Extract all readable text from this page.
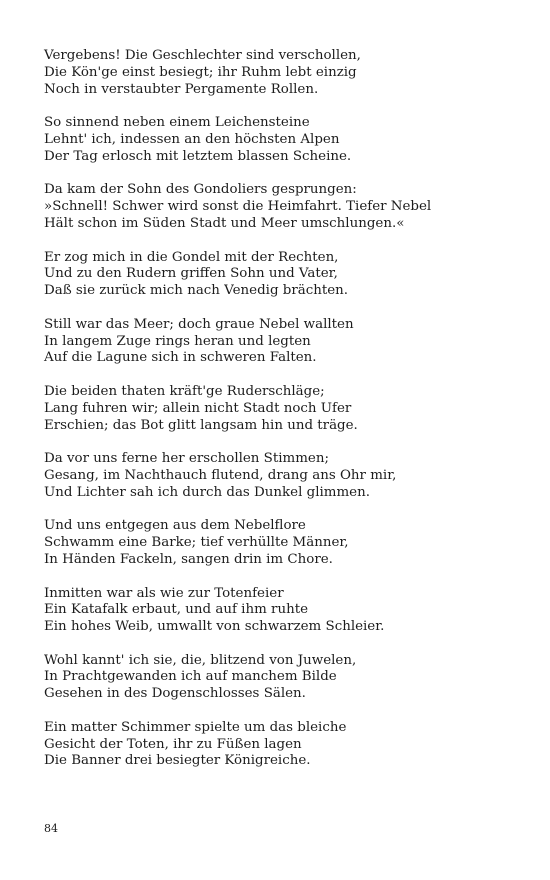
Vergebens! Die Geschlechter sind verschollen,
Die Kön'ge einst besiegt; ihr Ruhm lebt einzig
Noch in verstaubter Pergamente Rollen.
So sinnend neben einem Leichensteine
Lehnt' ich, indessen an den höchsten Alpen
Der Tag erlosch mit letztem blassen Scheine.
Da kam der Sohn des Gondoliers gesprungen:
»Schnell! Schwer wird sonst die Heimfahrt. Tiefer Nebel
Hält schon im Süden Stadt und Meer umschlungen.«
Er zog mich in die Gondel mit der Rechten,
Und zu den Rudern griffen Sohn und Vater,
Daß sie zurück mich nach Venedig brächten.
Still war das Meer; doch graue Nebel wallten
In langem Zuge rings heran und legten
Auf die Lagune sich in schweren Falten.
Die beiden thaten kräft'ge Ruderschläge;
Lang fuhren wir; allein nicht Stadt noch Ufer
Erschien; das Bot glitt langsam hin und träge.
Da vor uns ferne her erschollen Stimmen;
Gesang, im Nachthauch flutend, drang ans Ohr mir,
Und Lichter sah ich durch das Dunkel glimmen.
Und uns entgegen aus dem Nebelflore
Schwamm eine Barke; tief verhüllte Männer,
In Händen Fackeln, sangen drin im Chore.
Inmitten war als wie zur Totenfeier
Ein Katafalk erbaut, und auf ihm ruhte
Ein hohes Weib, umwallt von schwarzem Schleier.
Wohl kannt' ich sie, die, blitzend von Juwelen,
In Prachtgewanden ich auf manchem Bilde
Gesehen in des Dogenschlosses Sälen.
Ein matter Schimmer spielte um das bleiche
Gesicht der Toten, ihr zu Füßen lagen
Die Banner drei besiegter Königreiche.
84
